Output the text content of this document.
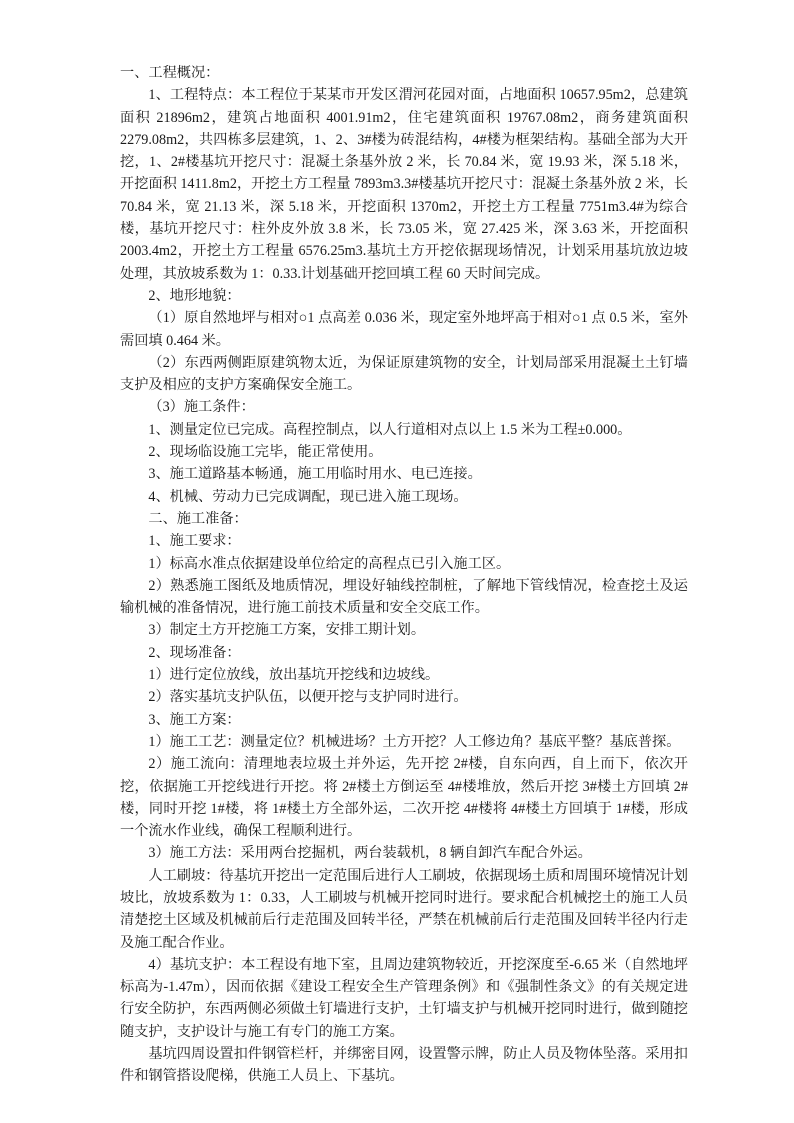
一、工程概况：

1、工程特点：本工程位于某某市开发区渭河花园对面，占地面积 10657.95m2，总建筑面积 21896m2，建筑占地面积 4001.91m2，住宅建筑面积 19767.08m2，商务建筑面积 2279.08m2，共四栋多层建筑，1、2、3#楼为砖混结构，4#楼为框架结构。基础全部为大开挖，1、2#楼基坑开挖尺寸：混凝土条基外放 2 米，长 70.84 米，宽 19.93 米，深 5.18 米，开挖面积 1411.8m2，开挖土方工程量 7893m3.3#楼基坑开挖尺寸：混凝土条基外放 2 米，长 70.84 米，宽 21.13 米，深 5.18 米，开挖面积 1370m2，开挖土方工程量 7751m3.4#为综合楼，基坑开挖尺寸：柱外皮外放 3.8 米，长 73.05 米，宽 27.425 米，深 3.63 米，开挖面积 2003.4m2，开挖土方工程量 6576.25m3.基坑土方开挖依据现场情况，计划采用基坑放边坡处理，其放坡系数为 1：0.33.计划基础开挖回填工程 60 天时间完成。

2、地形地貌：

（1）原自然地坪与相对○1 点高差 0.036 米，现定室外地坪高于相对○1 点 0.5 米，室外需回填 0.464 米。

（2）东西两侧距原建筑物太近，为保证原建筑物的安全，计划局部采用混凝土土钉墙支护及相应的支护方案确保安全施工。

（3）施工条件：

1、测量定位已完成。高程控制点，以人行道相对点以上 1.5 米为工程±0.000。

2、现场临设施工完毕，能正常使用。

3、施工道路基本畅通，施工用临时用水、电已连接。

4、机械、劳动力已完成调配，现已进入施工现场。

二、施工准备：

1、施工要求：

1）标高水准点依据建设单位给定的高程点已引入施工区。

2）熟悉施工图纸及地质情况，埋设好轴线控制桩，了解地下管线情况，检查挖土及运输机械的准备情况，进行施工前技术质量和安全交底工作。

3）制定土方开挖施工方案，安排工期计划。

2、现场准备：

1）进行定位放线，放出基坑开挖线和边坡线。

2）落实基坑支护队伍，以便开挖与支护同时进行。

3、施工方案：

1）施工工艺：测量定位？机械进场？土方开挖？人工修边角？基底平整？基底普探。

2）施工流向：清理地表垃圾土并外运，先开挖 2#楼，自东向西，自上而下，依次开挖，依据施工开挖线进行开挖。将 2#楼土方倒运至 4#楼堆放，然后开挖 3#楼土方回填 2#楼，同时开挖 1#楼，将 1#楼土方全部外运，二次开挖 4#楼将 4#楼土方回填于 1#楼，形成一个流水作业线，确保工程顺利进行。

3）施工方法：采用两台挖掘机，两台装载机，8 辆自卸汽车配合外运。

人工刷坡：待基坑开挖出一定范围后进行人工刷坡，依据现场土质和周围环境情况计划坡比，放坡系数为 1：0.33，人工刷坡与机械开挖同时进行。要求配合机械挖土的施工人员清楚挖土区域及机械前后行走范围及回转半径，严禁在机械前后行走范围及回转半径内行走及施工配合作业。

4）基坑支护：本工程设有地下室，且周边建筑物较近，开挖深度至-6.65 米（自然地坪标高为-1.47m），因而依据《建设工程安全生产管理条例》和《强制性条文》的有关规定进行安全防护，东西两侧必须做土钉墙进行支护，土钉墙支护与机械开挖同时进行，做到随挖随支护，支护设计与施工有专门的施工方案。

基坑四周设置扣件钢管栏杆，并绑密目网，设置警示牌，防止人员及物体坠落。采用扣件和钢管搭设爬梯，供施工人员上、下基坑。
